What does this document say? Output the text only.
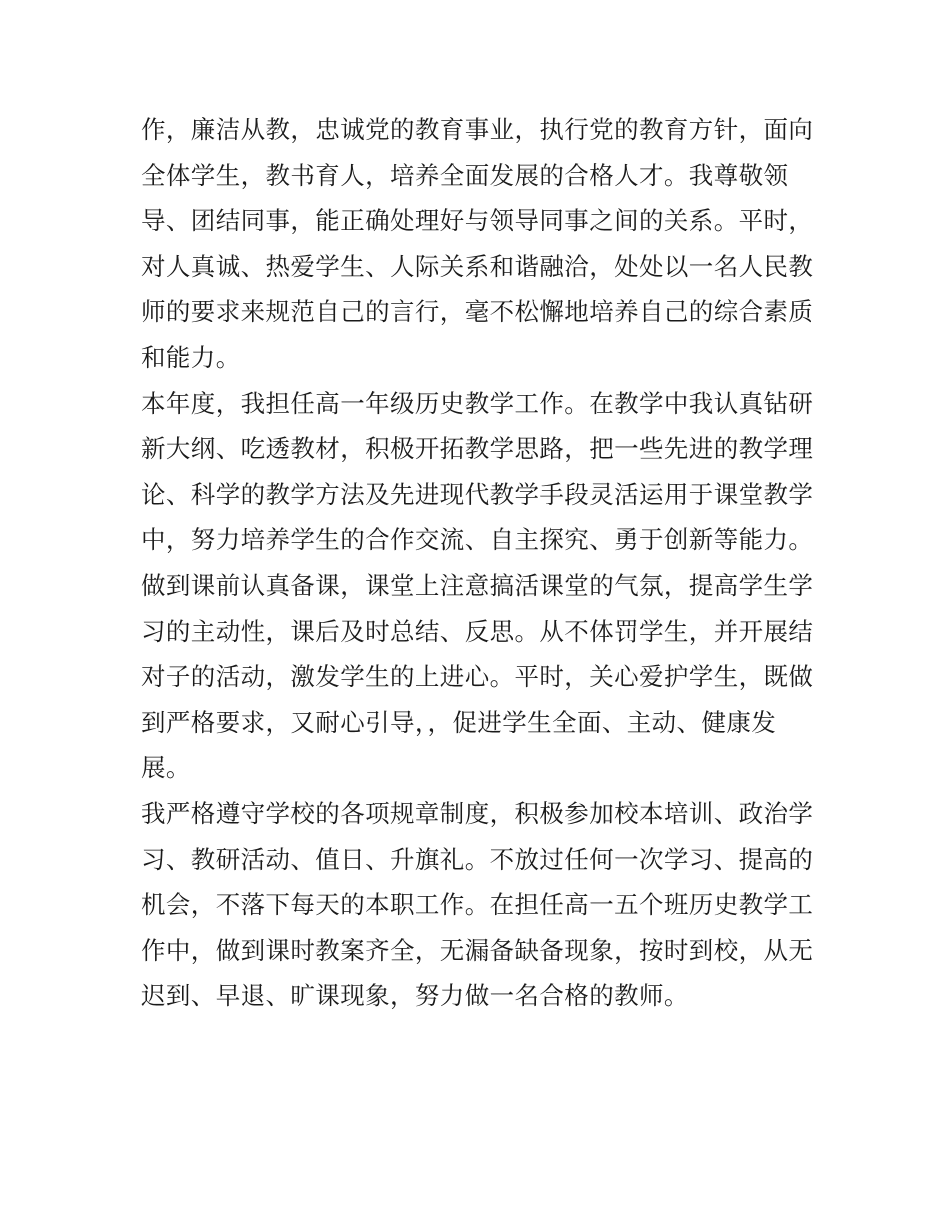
作，廉洁从教，忠诚党的教育事业，执行党的教育方针，面向
全体学生，教书育人，培养全面发展的合格人才。我尊敬领
导、团结同事，能正确处理好与领导同事之间的关系。平时，
对人真诚、热爱学生、人际关系和谐融洽，处处以一名人民教
师的要求来规范自己的言行，毫不松懈地培养自己的综合素质
和能力。
本年度，我担任高一年级历史教学工作。在教学中我认真钻研
新大纲、吃透教材，积极开拓教学思路，把一些先进的教学理
论、科学的教学方法及先进现代教学手段灵活运用于课堂教学
中，努力培养学生的合作交流、自主探究、勇于创新等能力。
做到课前认真备课，课堂上注意搞活课堂的气氛，提高学生学
习的主动性，课后及时总结、反思。从不体罚学生，并开展结
对子的活动，激发学生的上进心。平时，关心爱护学生，既做
到严格要求，又耐心引导，，促进学生全面、主动、健康发
展。
我严格遵守学校的各项规章制度，积极参加校本培训、政治学
习、教研活动、值日、升旗礼。不放过任何一次学习、提高的
机会，不落下每天的本职工作。在担任高一五个班历史教学工
作中，做到课时教案齐全，无漏备缺备现象，按时到校，从无
迟到、早退、旷课现象，努力做一名合格的教师。
